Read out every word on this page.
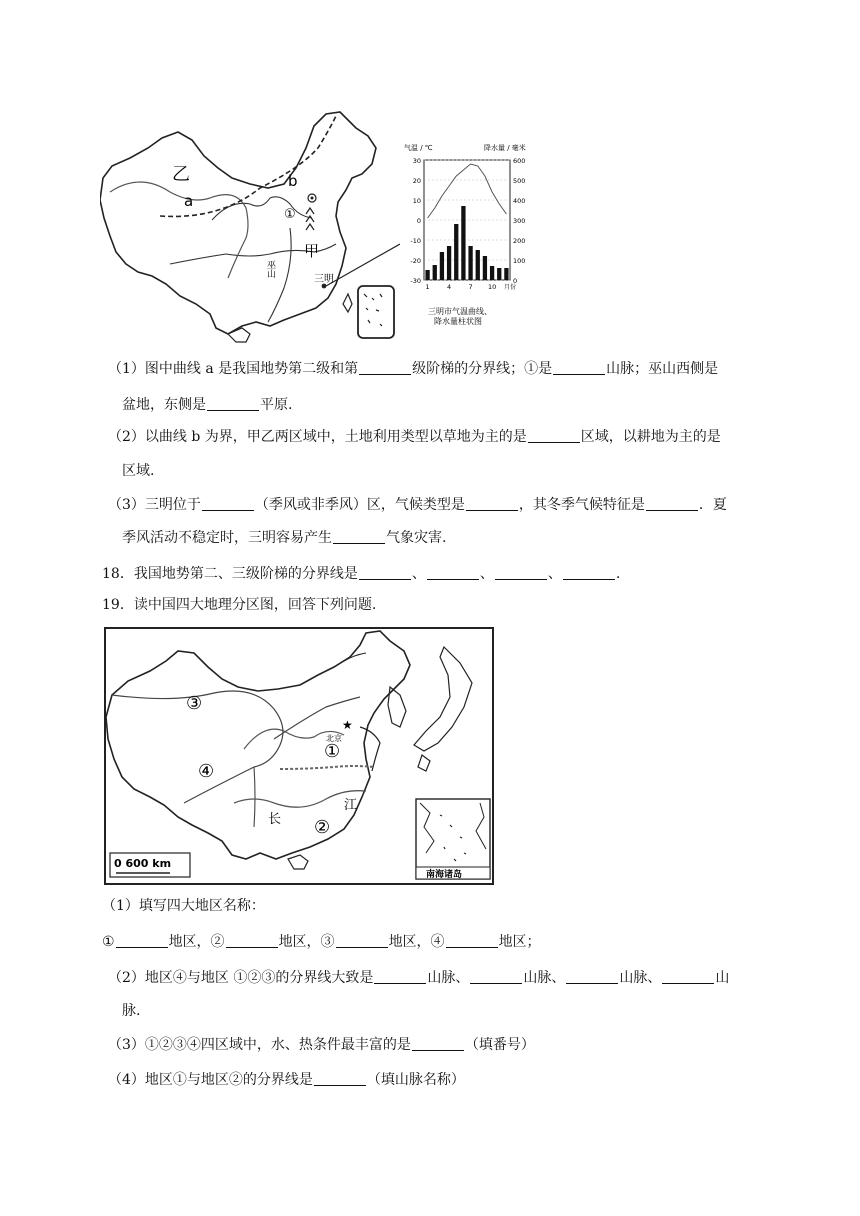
乙
a
b
①
甲
巫山
三明
气温 / ℃	降水量 / 毫米
30
20
10
0
-10
-20
-30
600
500
400
300
200
100
0
1	4	7 10 月份
三明市气温曲线、
降水量柱状图
（1）图中曲线 a 是我国地势第二级和第	级阶梯的分界线；①是	山脉；巫山西侧是
盆地，东侧是	平原.
（2）以曲线 b 为界，甲乙两区域中，土地利用类型以草地为主的是	区域，以耕地为主的是
区域.
（3）三明位于	（季风或非季风）区，气候类型是	，其冬季气候特征是	．夏
季风活动不稳定时，三明容易产生	气象灾害.
18．我国地势第二、三级阶梯的分界线是	、	、	、	.
19．读中国四大地理分区图，回答下列问题.
③
④
①
②
★
北京
长
江
0 600 km
南海诸岛
（1）填写四大地区名称：
①	地区，②	地区，③	地区，④	地区；
（2）地区④与地区 ①②③的分界线大致是	山脉、	山脉、	山脉、	山
脉.
（3）①②③④四区域中，水、热条件最丰富的是	（填番号）
（4）地区①与地区②的分界线是	（填山脉名称）
